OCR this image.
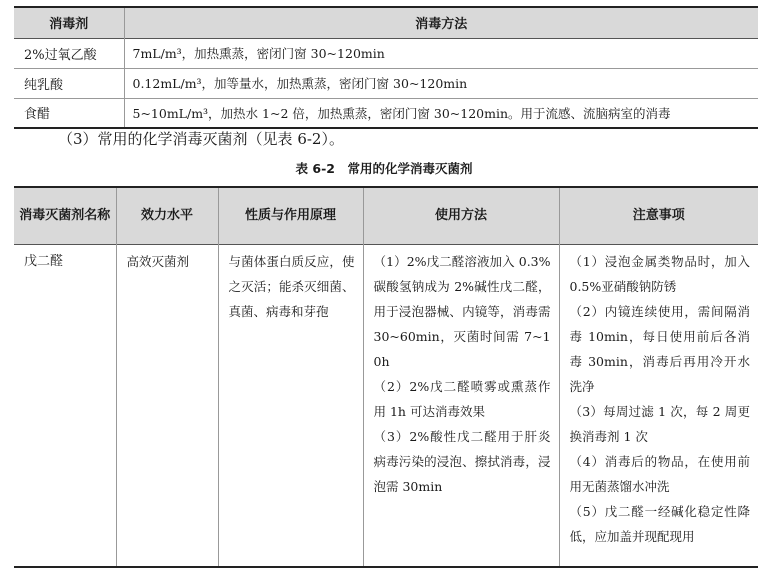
消毒剂	消毒方法
2%过氧乙酸	7mL/m³，加热熏蒸，密闭门窗 30~120min
纯乳酸	0.12mL/m³，加等量水，加热熏蒸，密闭门窗 30~120min
食醋	5~10mL/m³，加热水 1~2 倍，加热熏蒸，密闭门窗 30~120min。用于流感、流脑病室的消毒
（3）常用的化学消毒灭菌剂（见表 6-2）。
表 6-2　常用的化学消毒灭菌剂
消毒灭菌剂名称	效力水平	性质与作用原理	使用方法	注意事项
戊二醛	高效灭菌剂	与菌体蛋白质反应，使之灭活；能杀灭细菌、真菌、病毒和芽孢	（1）2%戊二醛溶液加入 0.3%碳酸氢钠成为 2%碱性戊二醛，用于浸泡器械、内镜等，消毒需 30~60min，灭菌时间需 7~10h
（2）2%戊二醛喷雾或熏蒸作用 1h 可达消毒效果
（3）2%酸性戊二醛用于肝炎病毒污染的浸泡、擦拭消毒，浸泡需 30min	（1）浸泡金属类物品时，加入 0.5%亚硝酸钠防锈
（2）内镜连续使用，需间隔消毒 10min，每日使用前后各消毒 30min，消毒后再用冷开水洗净
（3）每周过滤 1 次，每 2 周更换消毒剂 1 次
（4）消毒后的物品，在使用前用无菌蒸馏水冲洗
（5）戊二醛一经碱化稳定性降低，应加盖并现配现用
